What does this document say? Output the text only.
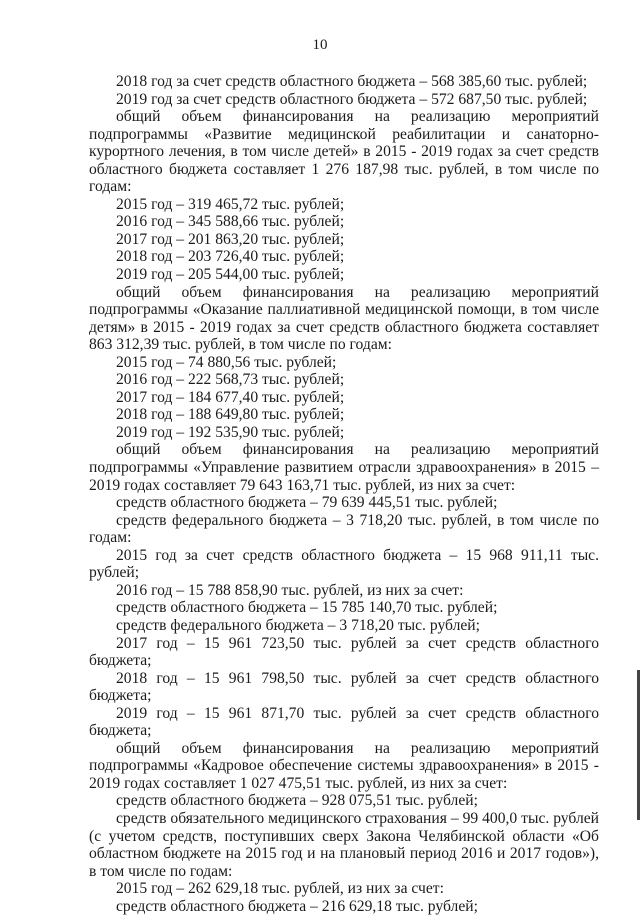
10

2018 год за счет средств областного бюджета – 568 385,60 тыс. рублей;

2019 год за счет средств областного бюджета – 572 687,50 тыс. рублей;

общий объем финансирования на реализацию мероприятий подпрограммы «Развитие медицинской реабилитации и санаторно-курортного лечения, в том числе детей» в 2015 - 2019 годах за счет средств областного бюджета составляет 1 276 187,98 тыс. рублей, в том числе по годам:

2015 год – 319 465,72 тыс. рублей;

2016 год – 345 588,66 тыс. рублей;

2017 год – 201 863,20 тыс. рублей;

2018 год – 203 726,40 тыс. рублей;

2019 год – 205 544,00 тыс. рублей;

общий объем финансирования на реализацию мероприятий подпрограммы «Оказание паллиативной медицинской помощи, в том числе детям» в 2015 - 2019 годах за счет средств областного бюджета составляет 863 312,39 тыс. рублей, в том числе по годам:

2015 год – 74 880,56 тыс. рублей;

2016 год – 222 568,73 тыс. рублей;

2017 год – 184 677,40 тыс. рублей;

2018 год – 188 649,80 тыс. рублей;

2019 год – 192 535,90 тыс. рублей;

общий объем финансирования на реализацию мероприятий подпрограммы «Управление развитием отрасли здравоохранения» в 2015 – 2019 годах составляет 79 643 163,71 тыс. рублей, из них за счет:

средств областного бюджета – 79 639 445,51 тыс. рублей;

средств федерального бюджета – 3 718,20 тыс. рублей, в том числе по годам:

2015 год за счет средств областного бюджета – 15 968 911,11 тыс. рублей;

2016 год – 15 788 858,90 тыс. рублей, из них за счет:

средств областного бюджета – 15 785 140,70 тыс. рублей;

средств федерального бюджета – 3 718,20 тыс. рублей;

2017 год – 15 961 723,50 тыс. рублей за счет средств областного бюджета;

2018 год – 15 961 798,50 тыс. рублей за счет средств областного бюджета;

2019 год – 15 961 871,70 тыс. рублей за счет средств областного бюджета;

общий объем финансирования на реализацию мероприятий подпрограммы «Кадровое обеспечение системы здравоохранения» в 2015 - 2019 годах составляет 1 027 475,51 тыс. рублей, из них за счет:

средств областного бюджета – 928 075,51 тыс. рублей;

средств обязательного медицинского страхования – 99 400,0 тыс. рублей (с учетом средств, поступивших сверх Закона Челябинской области «Об областном бюджете на 2015 год и на плановый период 2016 и 2017 годов»), в том числе по годам:

2015 год – 262 629,18 тыс. рублей, из них за счет:

средств областного бюджета – 216 629,18 тыс. рублей;
